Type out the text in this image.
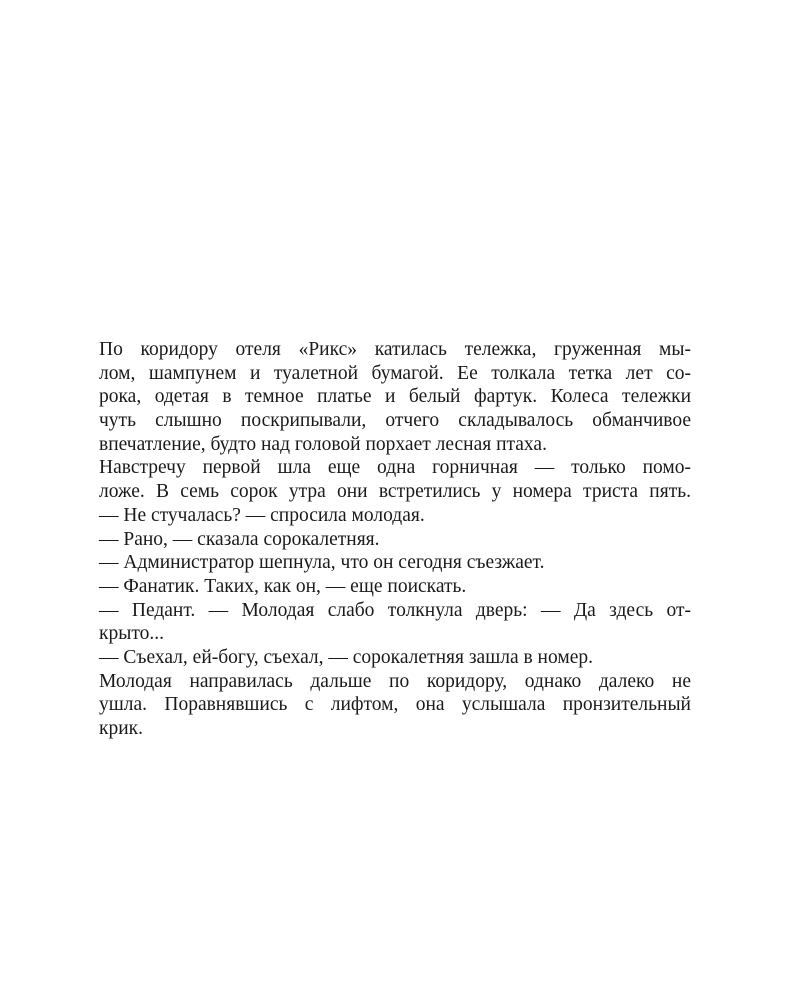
По коридору отеля «Рикс» катилась тележка, груженная мы-
лом, шампунем и туалетной бумагой. Ее толкала тетка лет со-
рока, одетая в темное платье и белый фартук. Колеса тележки
чуть слышно поскрипывали, отчего складывалось обманчивое
впечатление, будто над головой порхает лесная птаха.
Навстречу первой шла еще одна горничная — только помо-
ложе. В семь сорок утра они встретились у номера триста пять.
— Не стучалась? — спросила молодая.
— Рано, — сказала сорокалетняя.
— Администратор шепнула, что он сегодня съезжает.
— Фанатик. Таких, как он, — еще поискать.
— Педант. — Молодая слабо толкнула дверь: — Да здесь от-
крыто...
— Съехал, ей-богу, съехал, — сорокалетняя зашла в номер.
Молодая направилась дальше по коридору, однако далеко не
ушла. Поравнявшись с лифтом, она услышала пронзительный
крик.
